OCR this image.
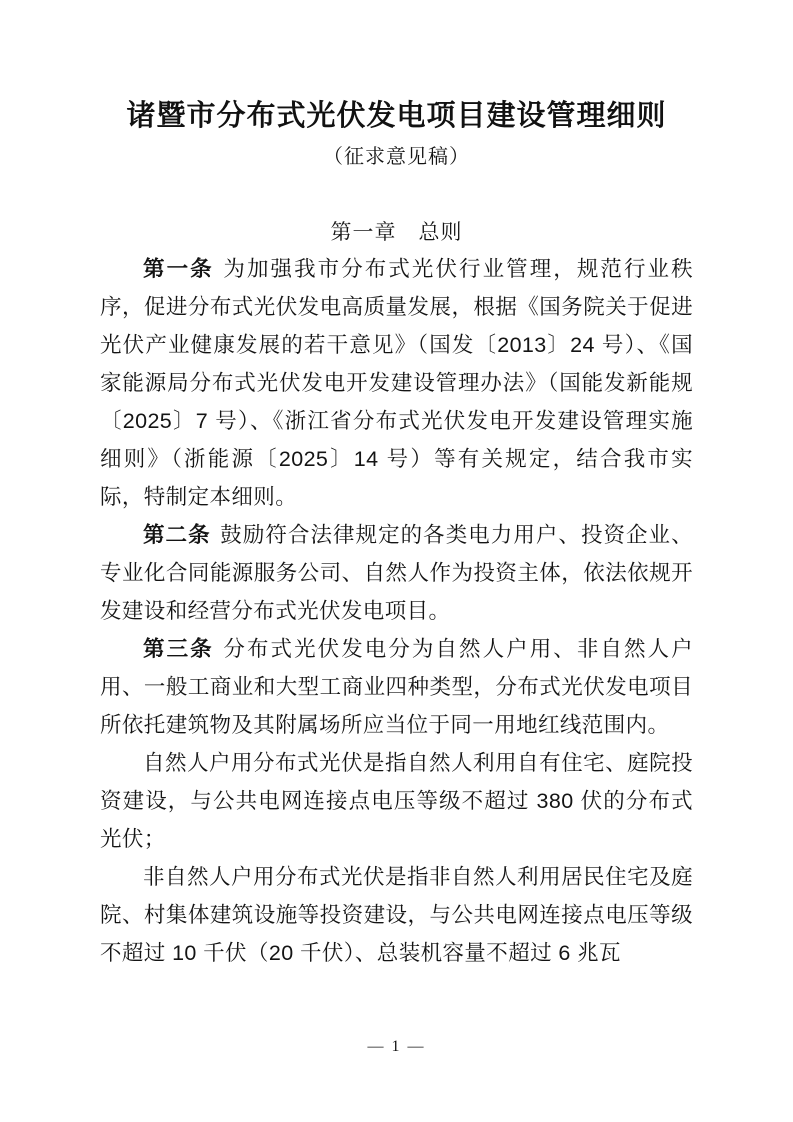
诸暨市分布式光伏发电项目建设管理细则
（征求意见稿）
第一章　总则

第一条 为加强我市分布式光伏行业管理，规范行业秩序，促进分布式光伏发电高质量发展，根据《国务院关于促进光伏产业健康发展的若干意见》（国发〔2013〕24 号）、《国家能源局分布式光伏发电开发建设管理办法》（国能发新能规〔2025〕7 号）、《浙江省分布式光伏发电开发建设管理实施细则》（浙能源〔2025〕14 号）等有关规定，结合我市实际，特制定本细则。

第二条 鼓励符合法律规定的各类电力用户、投资企业、专业化合同能源服务公司、自然人作为投资主体，依法依规开发建设和经营分布式光伏发电项目。

第三条 分布式光伏发电分为自然人户用、非自然人户用、一般工商业和大型工商业四种类型，分布式光伏发电项目所依托建筑物及其附属场所应当位于同一用地红线范围内。

自然人户用分布式光伏是指自然人利用自有住宅、庭院投资建设，与公共电网连接点电压等级不超过 380 伏的分布式光伏；

非自然人户用分布式光伏是指非自然人利用居民住宅及庭院、村集体建筑设施等投资建设，与公共电网连接点电压等级不超过 10 千伏（20 千伏）、总装机容量不超过 6 兆瓦

— 1 —
